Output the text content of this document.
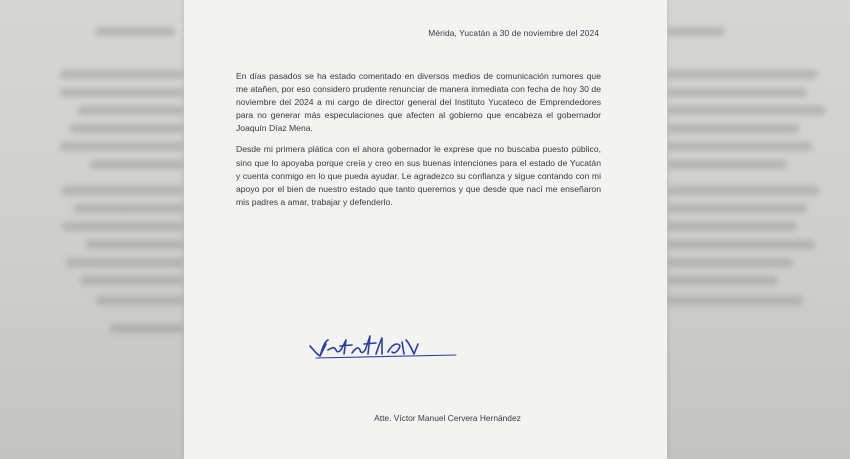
Mérida, Yucatán a 30 de noviembre del 2024

En días pasados se ha estado comentado en diversos medios de comunicación rumores que me atañen, por eso considero prudente renunciar de manera inmediata con fecha de hoy 30 de noviembre del 2024 a mi cargo de director general del Instituto Yucateco de Emprendedores para no generar más especulaciones que afecten al gobierno que encabeza el gobernador Joaquín Díaz Mena.

Desde mi primera plática con el ahora gobernador le exprese que no buscaba puesto público, sino que lo apoyaba porque creía y creo en sus buenas intenciones para el estado de Yucatán y cuenta conmigo en lo que pueda ayudar. Le agradezco su confianza y sigue contando con mi apoyo por el bien de nuestro estado que tanto queremos y que desde que nací me enseñaron mis padres a amar, trabajar y defenderlo.

Atte. Víctor Manuel Cervera Hernández
